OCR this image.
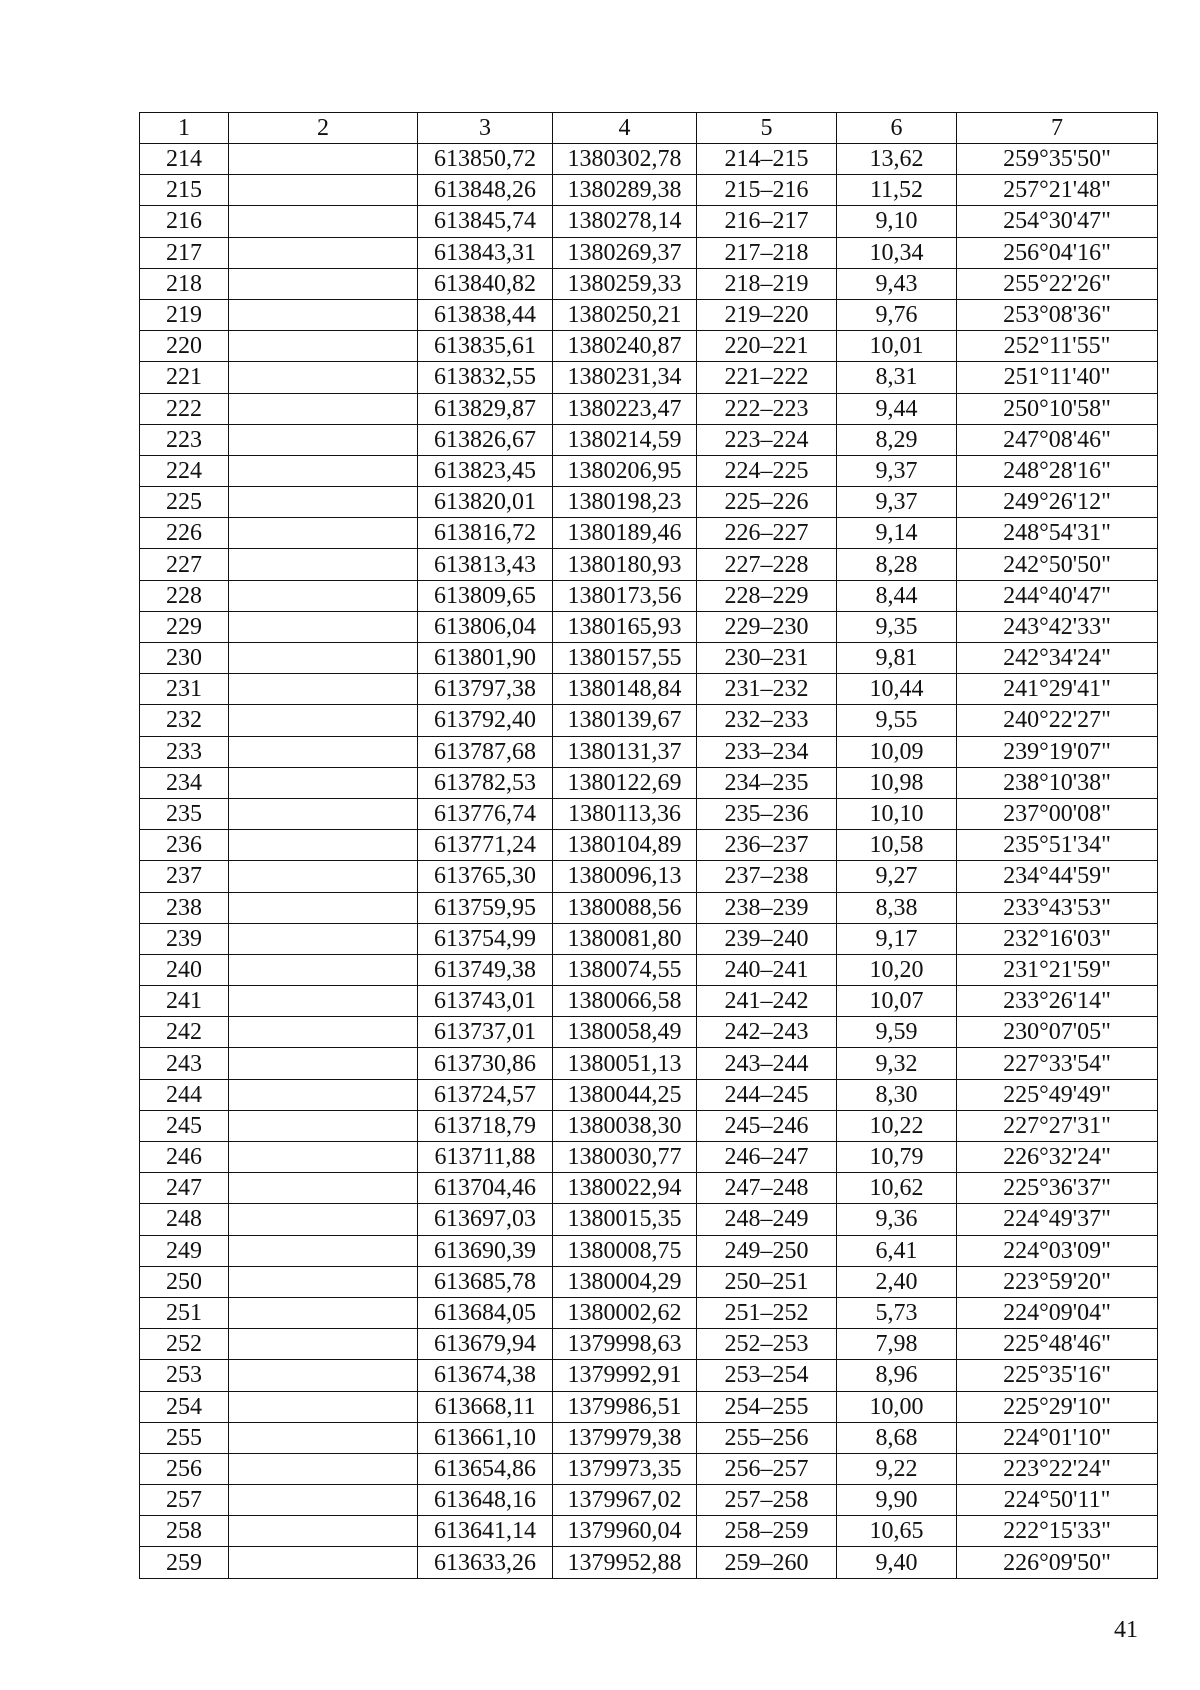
1	2	3	4	5	6	7
214		613850,72	1380302,78	214–215	13,62	259°35'50"
215		613848,26	1380289,38	215–216	11,52	257°21'48"
216		613845,74	1380278,14	216–217	9,10	254°30'47"
217		613843,31	1380269,37	217–218	10,34	256°04'16"
218		613840,82	1380259,33	218–219	9,43	255°22'26"
219		613838,44	1380250,21	219–220	9,76	253°08'36"
220		613835,61	1380240,87	220–221	10,01	252°11'55"
221		613832,55	1380231,34	221–222	8,31	251°11'40"
222		613829,87	1380223,47	222–223	9,44	250°10'58"
223		613826,67	1380214,59	223–224	8,29	247°08'46"
224		613823,45	1380206,95	224–225	9,37	248°28'16"
225		613820,01	1380198,23	225–226	9,37	249°26'12"
226		613816,72	1380189,46	226–227	9,14	248°54'31"
227		613813,43	1380180,93	227–228	8,28	242°50'50"
228		613809,65	1380173,56	228–229	8,44	244°40'47"
229		613806,04	1380165,93	229–230	9,35	243°42'33"
230		613801,90	1380157,55	230–231	9,81	242°34'24"
231		613797,38	1380148,84	231–232	10,44	241°29'41"
232		613792,40	1380139,67	232–233	9,55	240°22'27"
233		613787,68	1380131,37	233–234	10,09	239°19'07"
234		613782,53	1380122,69	234–235	10,98	238°10'38"
235		613776,74	1380113,36	235–236	10,10	237°00'08"
236		613771,24	1380104,89	236–237	10,58	235°51'34"
237		613765,30	1380096,13	237–238	9,27	234°44'59"
238		613759,95	1380088,56	238–239	8,38	233°43'53"
239		613754,99	1380081,80	239–240	9,17	232°16'03"
240		613749,38	1380074,55	240–241	10,20	231°21'59"
241		613743,01	1380066,58	241–242	10,07	233°26'14"
242		613737,01	1380058,49	242–243	9,59	230°07'05"
243		613730,86	1380051,13	243–244	9,32	227°33'54"
244		613724,57	1380044,25	244–245	8,30	225°49'49"
245		613718,79	1380038,30	245–246	10,22	227°27'31"
246		613711,88	1380030,77	246–247	10,79	226°32'24"
247		613704,46	1380022,94	247–248	10,62	225°36'37"
248		613697,03	1380015,35	248–249	9,36	224°49'37"
249		613690,39	1380008,75	249–250	6,41	224°03'09"
250		613685,78	1380004,29	250–251	2,40	223°59'20"
251		613684,05	1380002,62	251–252	5,73	224°09'04"
252		613679,94	1379998,63	252–253	7,98	225°48'46"
253		613674,38	1379992,91	253–254	8,96	225°35'16"
254		613668,11	1379986,51	254–255	10,00	225°29'10"
255		613661,10	1379979,38	255–256	8,68	224°01'10"
256		613654,86	1379973,35	256–257	9,22	223°22'24"
257		613648,16	1379967,02	257–258	9,90	224°50'11"
258		613641,14	1379960,04	258–259	10,65	222°15'33"
259		613633,26	1379952,88	259–260	9,40	226°09'50"
41
